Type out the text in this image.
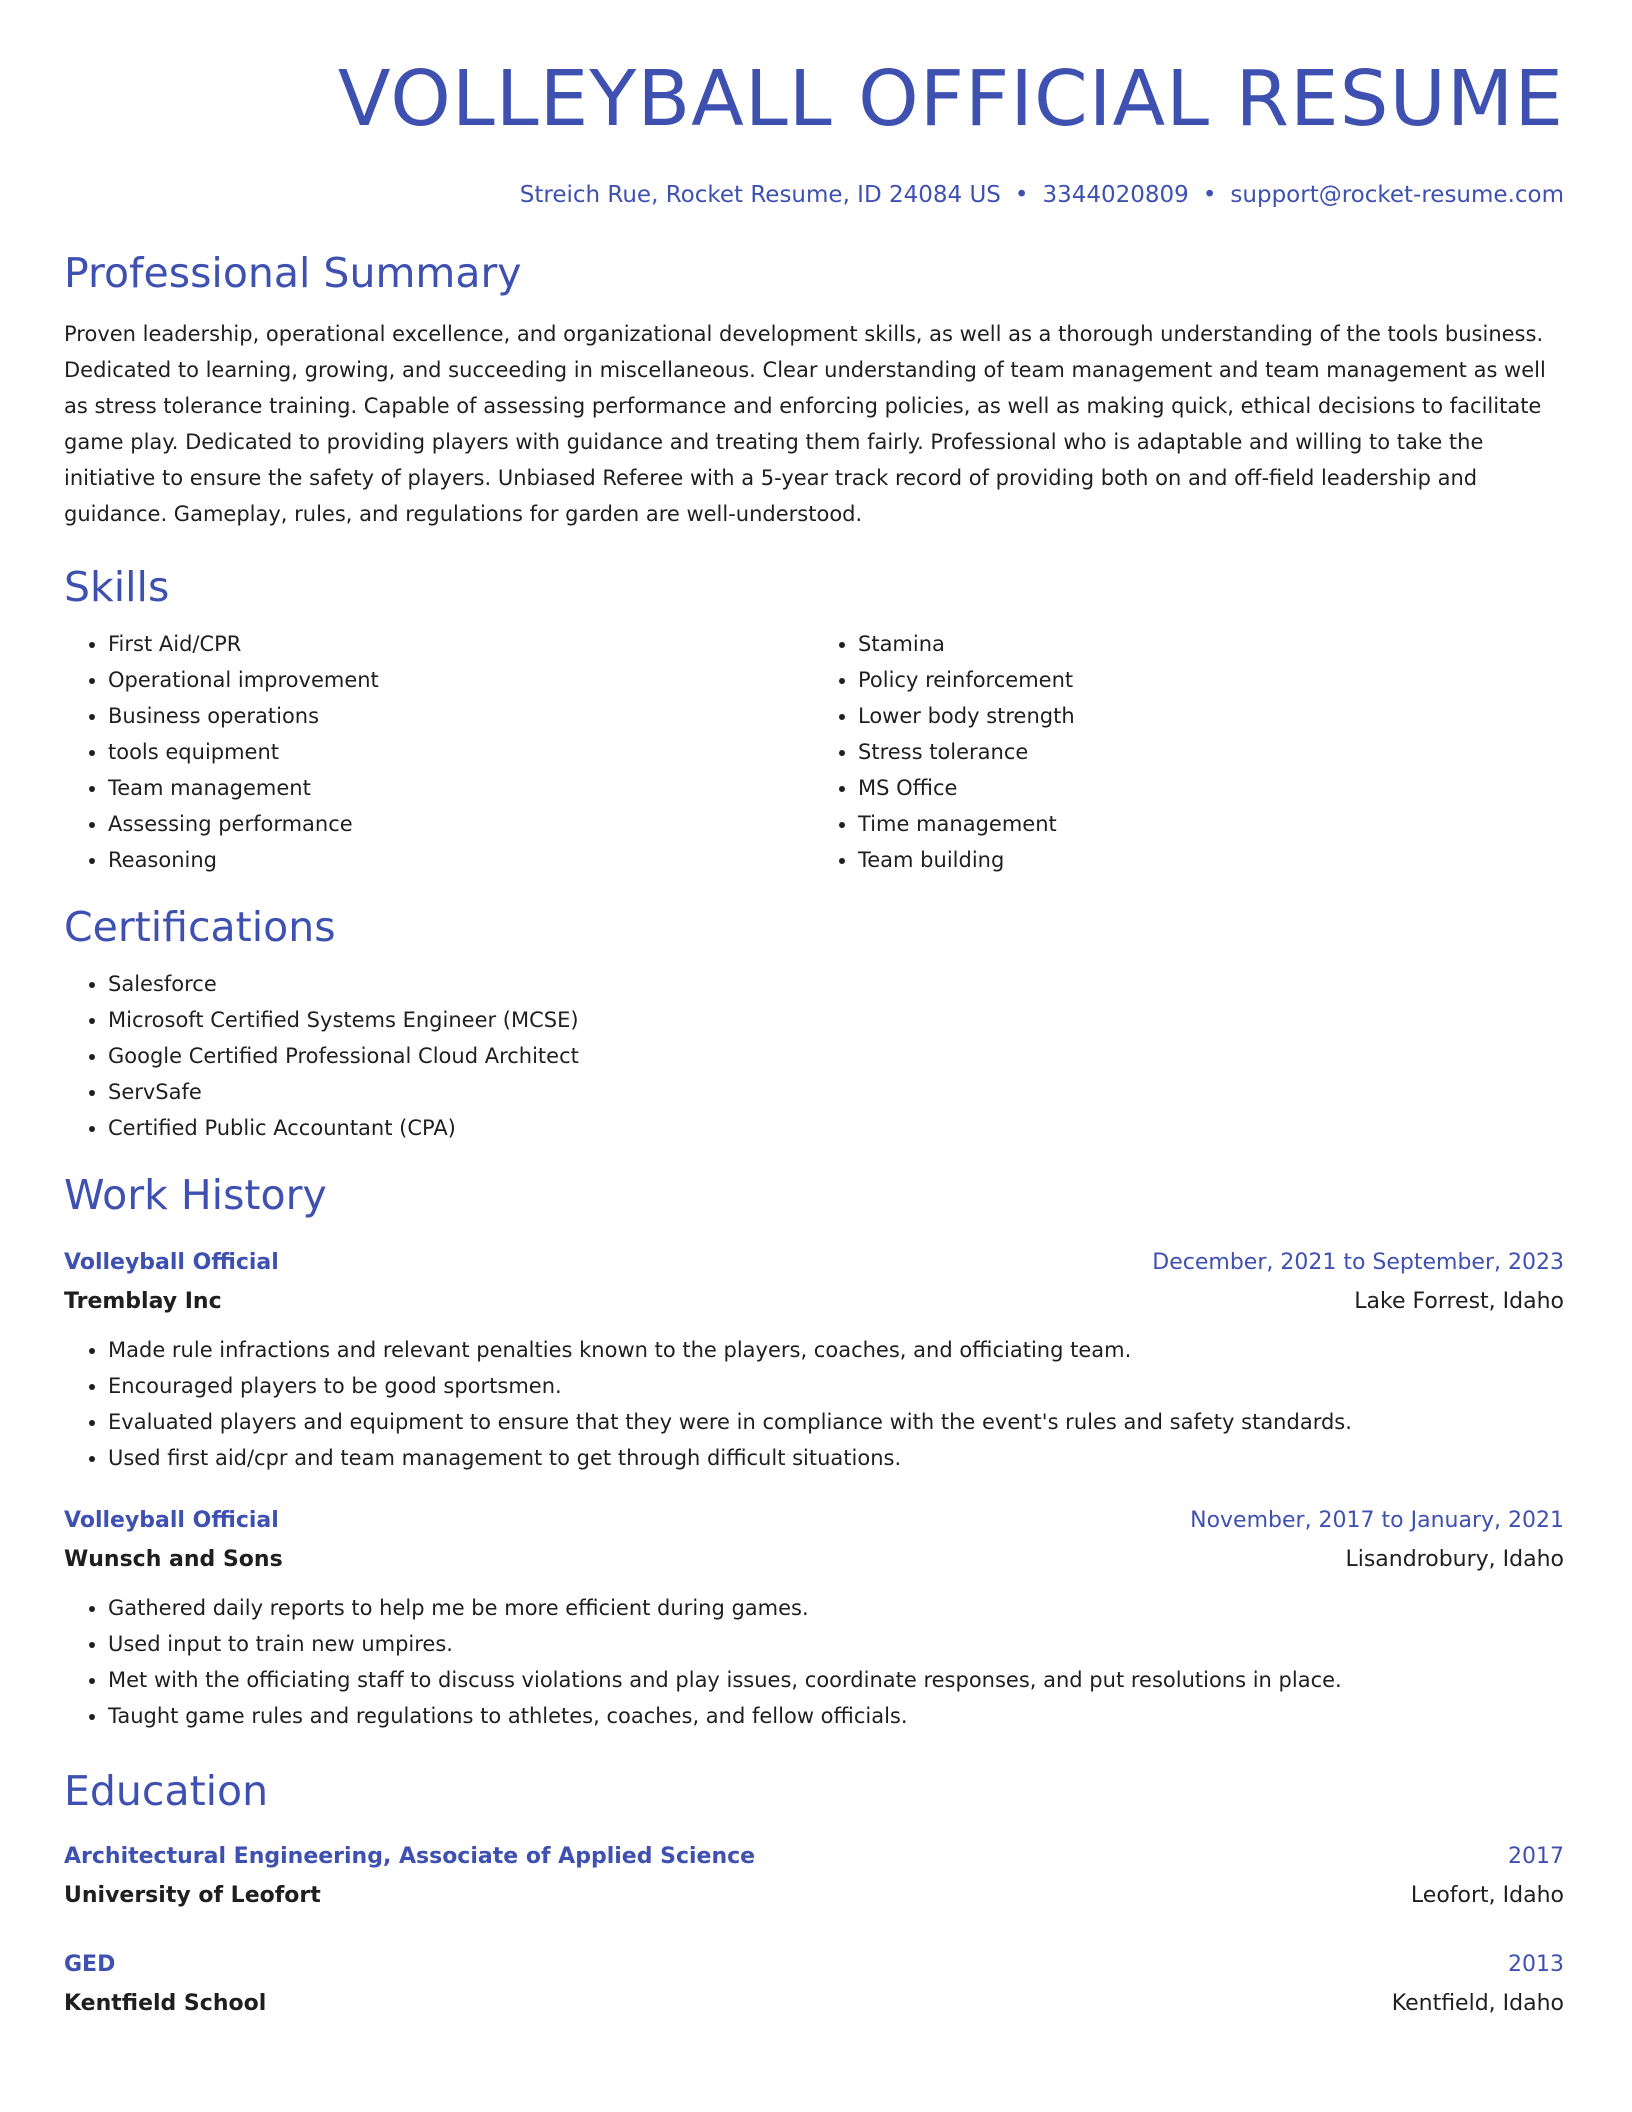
VOLLEYBALL OFFICIAL RESUME
Streich Rue, Rocket Resume, ID 24084 US • 3344020809 • support@rocket-resume.com
Professional Summary

Proven leadership, operational excellence, and organizational development skills, as well as a thorough understanding of the tools business. Dedicated to learning, growing, and succeeding in miscellaneous. Clear understanding of team management and team management as well as stress tolerance training. Capable of assessing performance and enforcing policies, as well as making quick, ethical decisions to facilitate game play. Dedicated to providing players with guidance and treating them fairly. Professional who is adaptable and willing to take the initiative to ensure the safety of players. Unbiased Referee with a 5-year track record of providing both on and off-field leadership and guidance. Gameplay, rules, and regulations for garden are well-understood.

Skills
• First Aid/CPR
• Operational improvement
• Business operations
• tools equipment
• Team management
• Assessing performance
• Reasoning
• Stamina
• Policy reinforcement
• Lower body strength
• Stress tolerance
• MS Office
• Time management
• Team building
Certifications
• Salesforce
• Microsoft Certified Systems Engineer (MCSE)
• Google Certified Professional Cloud Architect
• ServSafe
• Certified Public Accountant (CPA)
Work History
Volleyball Official	December, 2021 to September, 2023
Tremblay Inc	Lake Forrest, Idaho
• Made rule infractions and relevant penalties known to the players, coaches, and officiating team.
• Encouraged players to be good sportsmen.
• Evaluated players and equipment to ensure that they were in compliance with the event's rules and safety standards.
• Used first aid/cpr and team management to get through difficult situations.
Volleyball Official	November, 2017 to January, 2021
Wunsch and Sons	Lisandrobury, Idaho
• Gathered daily reports to help me be more efficient during games.
• Used input to train new umpires.
• Met with the officiating staff to discuss violations and play issues, coordinate responses, and put resolutions in place.
• Taught game rules and regulations to athletes, coaches, and fellow officials.
Education
Architectural Engineering, Associate of Applied Science	2017
University of Leofort	Leofort, Idaho
GED	2013
Kentfield School	Kentfield, Idaho
